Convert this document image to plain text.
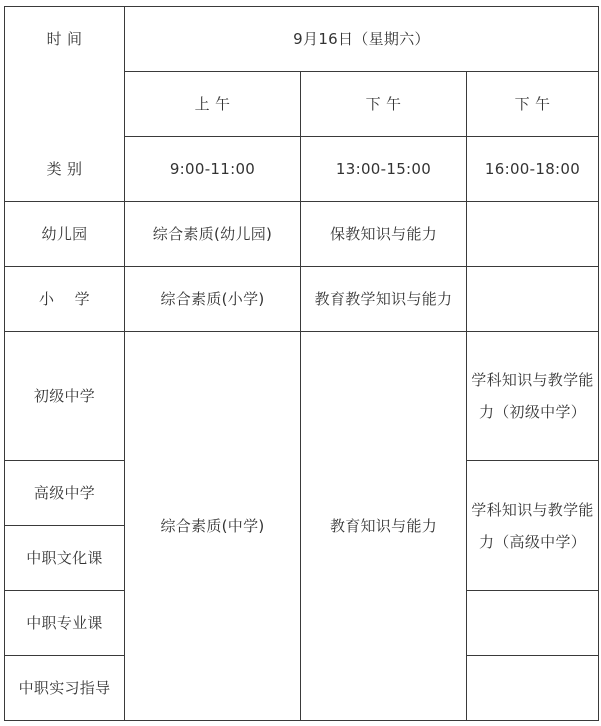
时 间	9月16日（星期六）		
	上 午	下 午	下 午
类 别	9:00-11:00	13:00-15:00	16:00-18:00
幼儿园	综合素质(幼儿园)	保教知识与能力	
小　 学	综合素质(小学)	教育教学知识与能力	
初级中学	综合素质(中学)	教育知识与能力	学科知识与教学能力（初级中学）
高级中学			学科知识与教学能力（高级中学）
中职文化课			
中职专业课			
中职实习指导			
